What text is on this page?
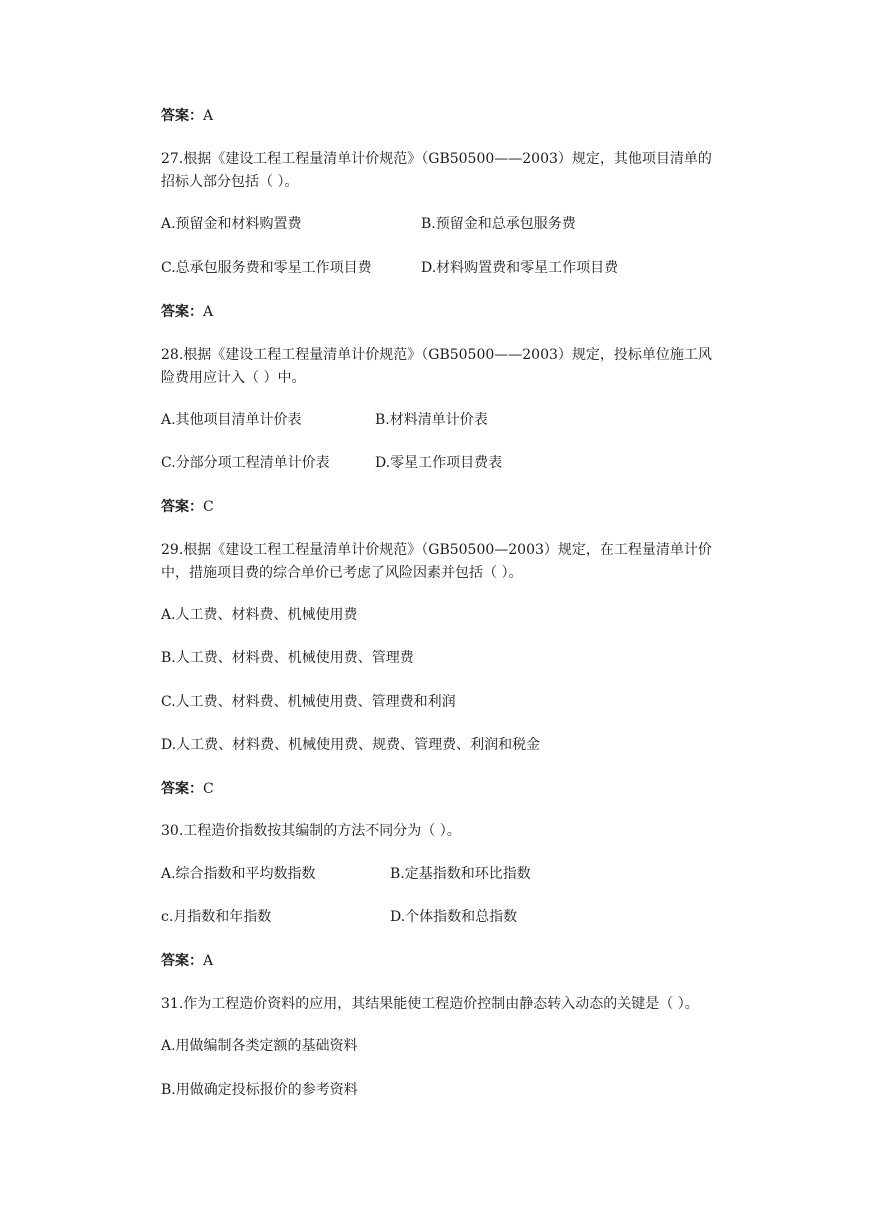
答案：A
27.根据《建设工程工程量清单计价规范》（GB50500——2003）规定，其他项目清单的
招标人部分包括（ ）。
A.预留金和材料购置费	B.预留金和总承包服务费
C.总承包服务费和零星工作项目费	D.材料购置费和零星工作项目费
答案：A
28.根据《建设工程工程量清单计价规范》（GB50500——2003）规定，投标单位施工风
险费用应计入（ ）中。
A.其他项目清单计价表	B.材料清单计价表
C.分部分项工程清单计价表	D.零星工作项目费表
答案：C
29.根据《建设工程工程量清单计价规范》（GB50500—2003）规定，在工程量清单计价
中，措施项目费的综合单价已考虑了风险因素并包括（ ）。
A.人工费、材料费、机械使用费
B.人工费、材料费、机械使用费、管理费
C.人工费、材料费、机械使用费、管理费和利润
D.人工费、材料费、机械使用费、规费、管理费、利润和税金
答案：C
30.工程造价指数按其编制的方法不同分为（ ）。
A.综合指数和平均数指数	B.定基指数和环比指数
c.月指数和年指数	D.个体指数和总指数
答案：A
31.作为工程造价资料的应用，其结果能使工程造价控制由静态转入动态的关键是（ ）。
A.用做编制各类定额的基础资料
B.用做确定投标报价的参考资料
